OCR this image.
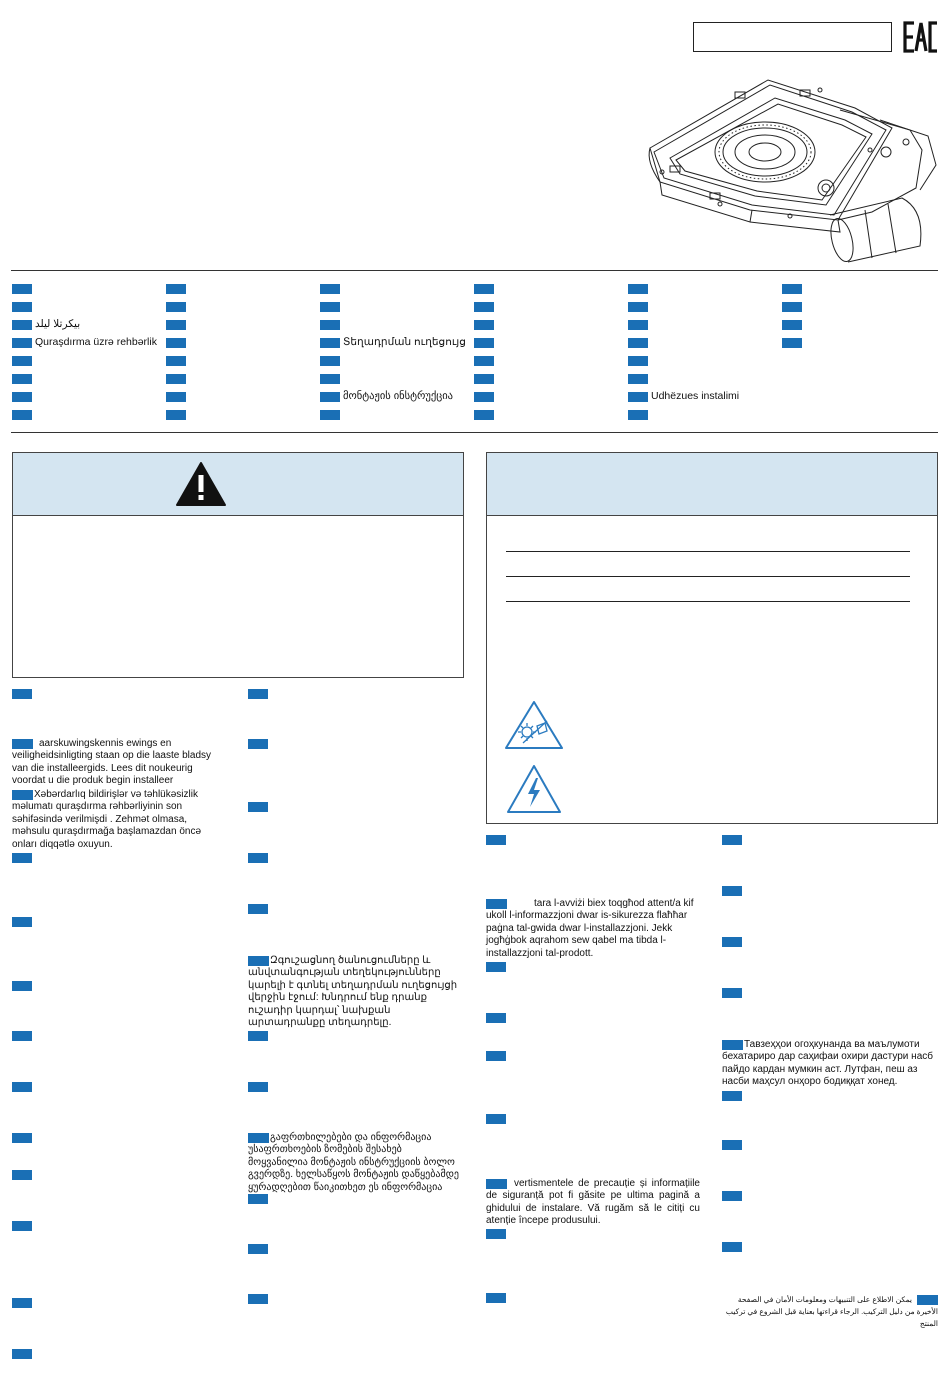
بیکرتلا لیلد
Quraşdırma üzrə rehbərlik	Տեղադրման ուղեցույց
მონტაჟის ინსტრუქცია	Udhëzues instalimi
aarskuwingskennis ewings en veiligheidsinligting staan op die laaste bladsy van die installeergids. Lees dit noukeurig voordat u die produk begin installeer
Xəbərdarlıq bildirişlər və təhlükəsizlik məlumatı quraşdırma rəhbərliyinin son səhifəsində verilmişdi . Zehmət olmasa, məhsulu quraşdırmağa başlamazdan öncə onları diqqətlə oxuyun.
Զգուշացնող ծանուցումները և անվտանգության տեղեկությունները կարելի է գտնել տեղադրման ուղեցույցի վերջին էջում: Խնդրում ենք դրանք ուշադիր կարդալ՝ նախքան արտադրանքը տեղադրելը.
გაფრთხილებები და ინფორმაცია უსაფრთხოების ზომების შესახებ მოყვანილია მონტაჟის ინსტრუქციის ბოლო გვერდზე. ხელსაწყოს მონტაჟის დაწყებამდე ყურადღებით წაიკითხეთ ეს ინფორმაცია
tara l-avviżi biex toqgħod attent/a kif ukoll l-informazzjoni dwar is-sikurezza flaħħar paġna tal-gwida dwar l-installazzjoni. Jekk jogħġbok aqrahom sew qabel ma tibda l-installazzjoni tal-prodott.
vertismentele de precauție și informațiile de siguranță pot fi găsite pe ultima pagină a ghidului de instalare. Vă rugăm să le citiți cu atenție începe produsului.
Тавзеҳҳои огоҳкунанда ва маълумоти бехатариро дар саҳифаи охири дастури насб пайдо кардан мумкин аст. Лутфан, пеш аз насби маҳсул онҳоро бодиққат хонед.
يمكن الاطلاع على التنبيهات ومعلومات الأمان في الصفحة الأخيرة من دليل التركيب. الرجاء قراءتها بعناية قبل الشروع في تركيب المنتج
